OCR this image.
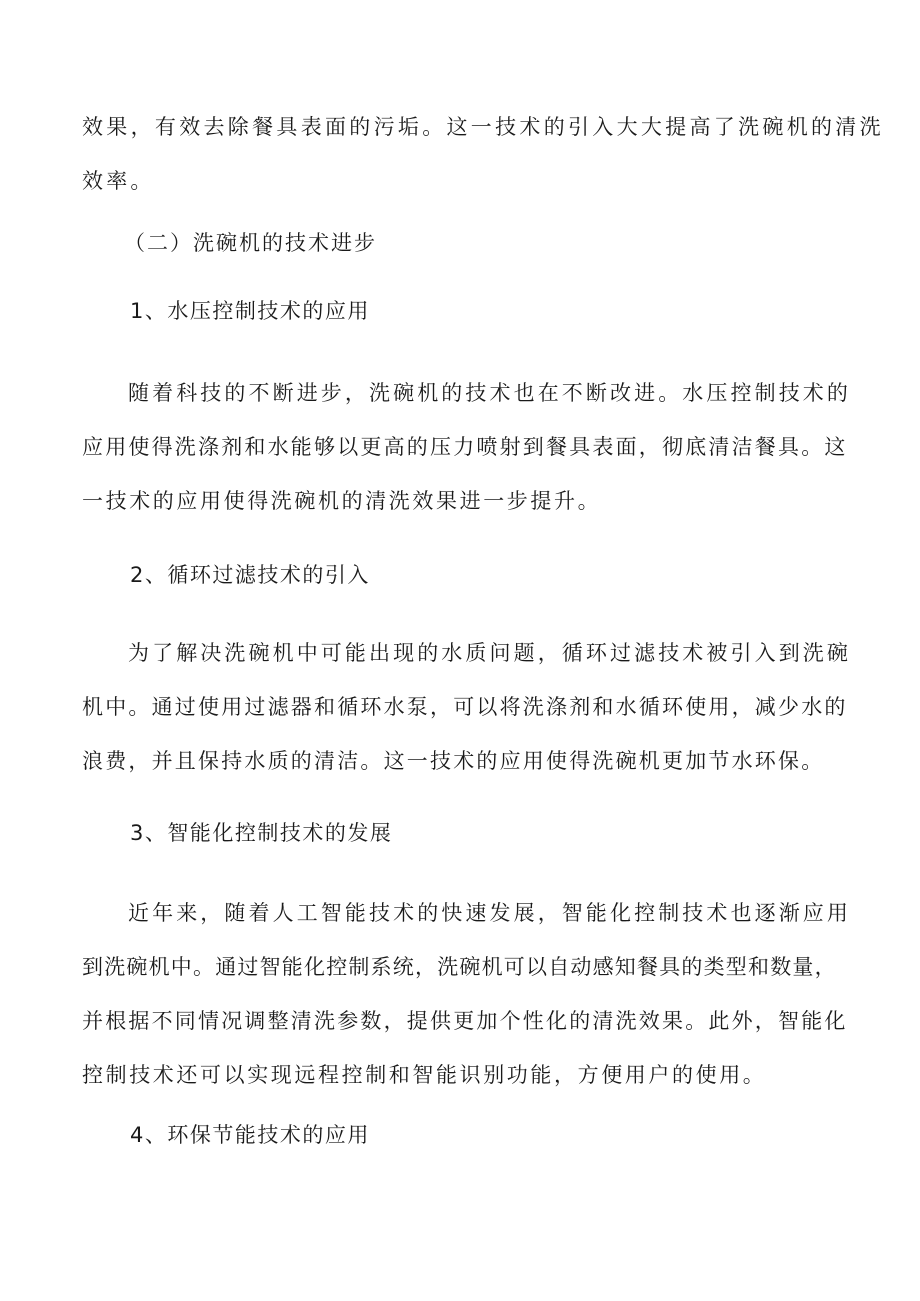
效果，有效去除餐具表面的污垢。这一技术的引入大大提高了洗碗机的清洗
效率。
（二）洗碗机的技术进步
1、水压控制技术的应用
随着科技的不断进步，洗碗机的技术也在不断改进。水压控制技术的
应用使得洗涤剂和水能够以更高的压力喷射到餐具表面，彻底清洁餐具。这
一技术的应用使得洗碗机的清洗效果进一步提升。
2、循环过滤技术的引入
为了解决洗碗机中可能出现的水质问题，循环过滤技术被引入到洗碗
机中。通过使用过滤器和循环水泵，可以将洗涤剂和水循环使用，减少水的
浪费，并且保持水质的清洁。这一技术的应用使得洗碗机更加节水环保。
3、智能化控制技术的发展
近年来，随着人工智能技术的快速发展，智能化控制技术也逐渐应用
到洗碗机中。通过智能化控制系统，洗碗机可以自动感知餐具的类型和数量，
并根据不同情况调整清洗参数，提供更加个性化的清洗效果。此外，智能化
控制技术还可以实现远程控制和智能识别功能，方便用户的使用。
4、环保节能技术的应用
